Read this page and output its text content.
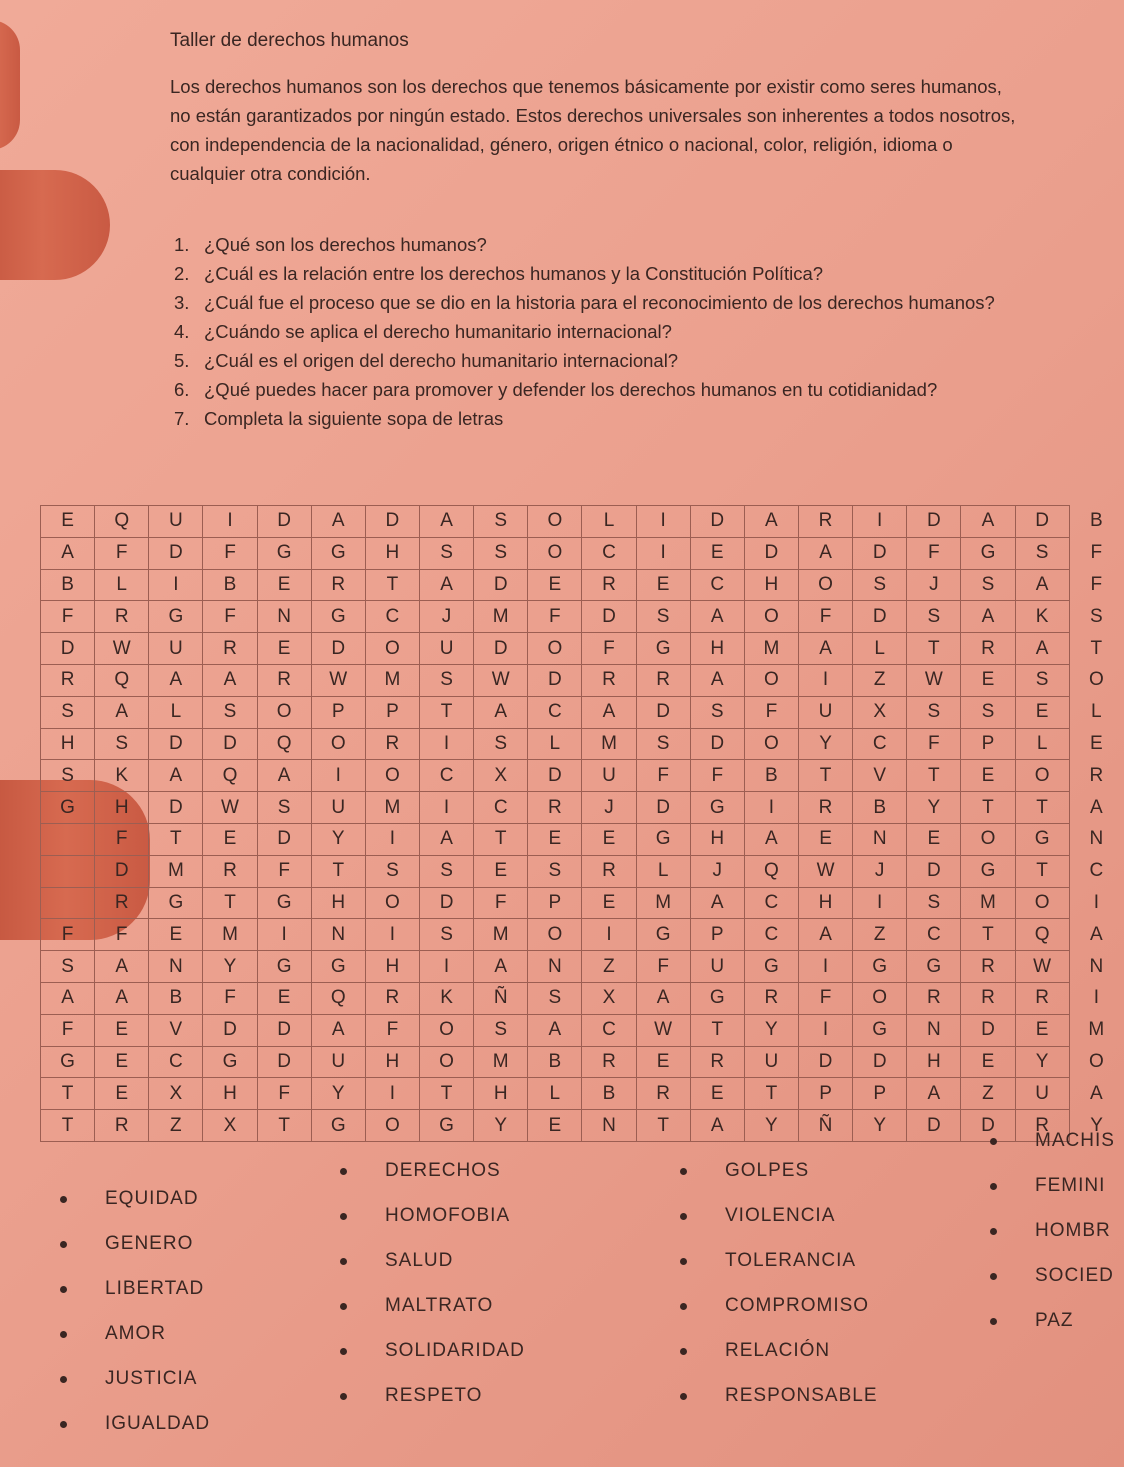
Taller de derechos humanos
Los derechos humanos son los derechos que tenemos básicamente por existir como seres humanos, no están garantizados por ningún estado. Estos derechos universales son inherentes a todos nosotros, con independencia de la nacionalidad, género, origen étnico o nacional, color, religión, idioma o cualquier otra condición.
1. ¿Qué son los derechos humanos?
2. ¿Cuál es la relación entre los derechos humanos y la Constitución Política?
3. ¿Cuál fue el proceso que se dio en la historia para el reconocimiento de los derechos humanos?
4. ¿Cuándo se aplica el derecho humanitario internacional?
5. ¿Cuál es el origen del derecho humanitario internacional?
6. ¿Qué puedes hacer para promover y defender los derechos humanos en tu cotidianidad?
7. Completa la siguiente sopa de letras
E	Q	U	I	D	A	D	A	S	O	L	I	D	A	R	I	D	A	D	B
A	F	D	F	G	G	H	S	S	O	C	I	E	D	A	D	F	G	S	F
B	L	I	B	E	R	T	A	D	E	R	E	C	H	O	S	J	S	A	F
F	R	G	F	N	G	C	J	M	F	D	S	A	O	F	D	S	A	K	S
D	W	U	R	E	D	O	U	D	O	F	G	H	M	A	L	T	R	A	T
R	Q	A	A	R	W	M	S	W	D	R	R	A	O	I	Z	W	E	S	O
S	A	L	S	O	P	P	T	A	C	A	D	S	F	U	X	S	S	E	L
H	S	D	D	Q	O	R	I	S	L	M	S	D	O	Y	C	F	P	L	E
S	K	A	Q	A	I	O	C	X	D	U	F	F	B	T	V	T	E	O	R
G	H	D	W	S	U	M	I	C	R	J	D	G	I	R	B	Y	T	T	A
	F	T	E	D	Y	I	A	T	E	E	G	H	A	E	N	E	O	G	N
	D	M	R	F	T	S	S	E	S	R	L	J	Q	W	J	D	G	T	C
	R	G	T	G	H	O	D	F	P	E	M	A	C	H	I	S	M	O	I
F	F	E	M	I	N	I	S	M	O	I	G	P	C	A	Z	C	T	Q	A
S	A	N	Y	G	G	H	I	A	N	Z	F	U	G	I	G	G	R	W	N
A	A	B	F	E	Q	R	K	Ñ	S	X	A	G	R	F	O	R	R	R	I
F	E	V	D	D	A	F	O	S	A	C	W	T	Y	I	G	N	D	E	M
G	E	C	G	D	U	H	O	M	B	R	E	R	U	D	D	H	E	Y	O
T	E	X	H	F	Y	I	T	H	L	B	R	E	T	P	P	A	Z	U	A
T	R	Z	X	T	G	O	G	Y	E	N	T	A	Y	Ñ	Y	D	D	R	Y
EQUIDAD
GENERO
LIBERTAD
AMOR
JUSTICIA
IGUALDAD
DERECHOS
HOMOFOBIA
SALUD
MALTRATO
SOLIDARIDAD
RESPETO
GOLPES
VIOLENCIA
TOLERANCIA
COMPROMISO
RELACIÓN
RESPONSABLE
MACHIS
FEMINI
HOMBR
SOCIED
PAZ
